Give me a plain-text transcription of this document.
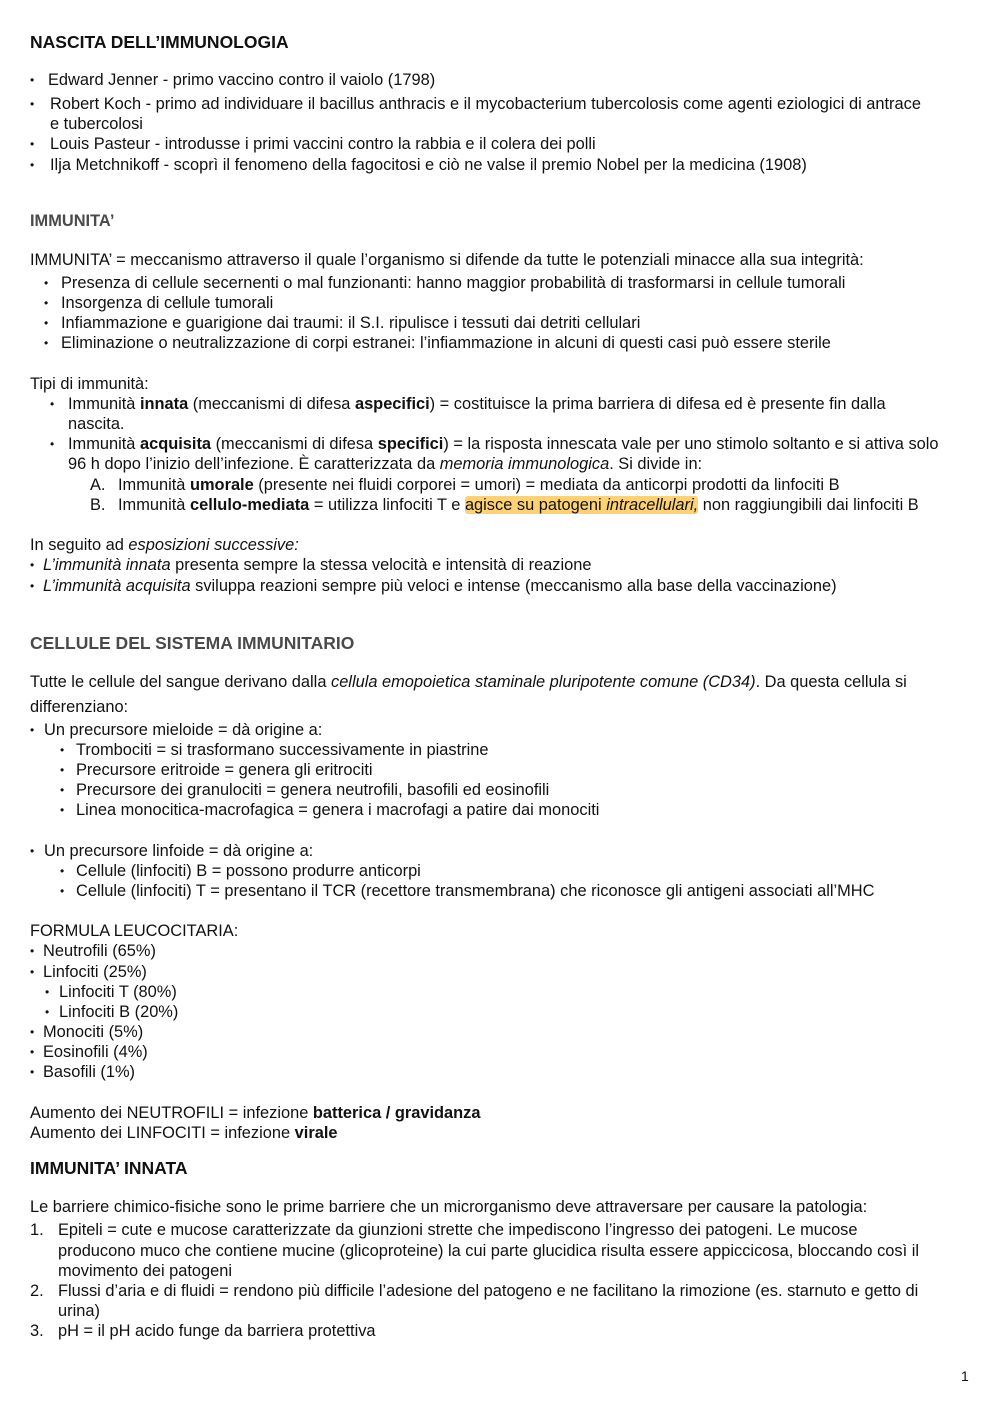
NASCITA DELL’IMMUNOLOGIA
• Edward Jenner - primo vaccino contro il vaiolo (1798)
• Robert Koch - primo ad individuare il bacillus anthracis e il mycobacterium tubercolosis come agenti eziologici di antrace
e tubercolosi
• Louis Pasteur - introdusse i primi vaccini contro la rabbia e il colera dei polli
• Ilja Metchnikoff - scoprì il fenomeno della fagocitosi e ciò ne valse il premio Nobel per la medicina (1908)
IMMUNITA’
IMMUNITA’ = meccanismo attraverso il quale l’organismo si difende da tutte le potenziali minacce alla sua integrità:
• Presenza di cellule secernenti o mal funzionanti: hanno maggior probabilità di trasformarsi in cellule tumorali
• Insorgenza di cellule tumorali
• Infiammazione e guarigione dai traumi: il S.I. ripulisce i tessuti dai detriti cellulari
• Eliminazione o neutralizzazione di corpi estranei: l’infiammazione in alcuni di questi casi può essere sterile
Tipi di immunità:
• Immunità innata (meccanismi di difesa aspecifici) = costituisce la prima barriera di difesa ed è presente fin dalla
nascita.
• Immunità acquisita (meccanismi di difesa specifici) = la risposta innescata vale per uno stimolo soltanto e si attiva solo
96 h dopo l’inizio dell’infezione. È caratterizzata da memoria immunologica. Si divide in:
A. Immunità umorale (presente nei fluidi corporei = umori) = mediata da anticorpi prodotti da linfociti B
B. Immunità cellulo-mediata = utilizza linfociti T e agisce su patogeni intracellulari, non raggiungibili dai linfociti B
In seguito ad esposizioni successive:
• L’immunità innata presenta sempre la stessa velocità e intensità di reazione
• L’immunità acquisita sviluppa reazioni sempre più veloci e intense (meccanismo alla base della vaccinazione)
CELLULE DEL SISTEMA IMMUNITARIO
Tutte le cellule del sangue derivano dalla cellula emopoietica staminale pluripotente comune (CD34). Da questa cellula si
differenziano:
• Un precursore mieloide = dà origine a:
• Trombociti = si trasformano successivamente in piastrine
• Precursore eritroide = genera gli eritrociti
• Precursore dei granulociti = genera neutrofili, basofili ed eosinofili
• Linea monocitica-macrofagica = genera i macrofagi a patire dai monociti
• Un precursore linfoide = dà origine a:
• Cellule (linfociti) B = possono produrre anticorpi
• Cellule (linfociti) T = presentano il TCR (recettore transmembrana) che riconosce gli antigeni associati all’MHC
FORMULA LEUCOCITARIA:
• Neutrofili (65%)
• Linfociti (25%)
• Linfociti T (80%)
• Linfociti B (20%)
• Monociti (5%)
• Eosinofili (4%)
• Basofili (1%)
Aumento dei NEUTROFILI = infezione batterica / gravidanza
Aumento dei LINFOCITI = infezione virale
IMMUNITA’ INNATA
Le barriere chimico-fisiche sono le prime barriere che un microrganismo deve attraversare per causare la patologia:
1. Epiteli = cute e mucose caratterizzate da giunzioni strette che impediscono l’ingresso dei patogeni. Le mucose
producono muco che contiene mucine (glicoproteine) la cui parte glucidica risulta essere appiccicosa, bloccando così il
movimento dei patogeni
2. Flussi d’aria e di fluidi = rendono più difficile l’adesione del patogeno e ne facilitano la rimozione (es. starnuto e getto di
urina)
3. pH = il pH acido funge da barriera protettiva
1
